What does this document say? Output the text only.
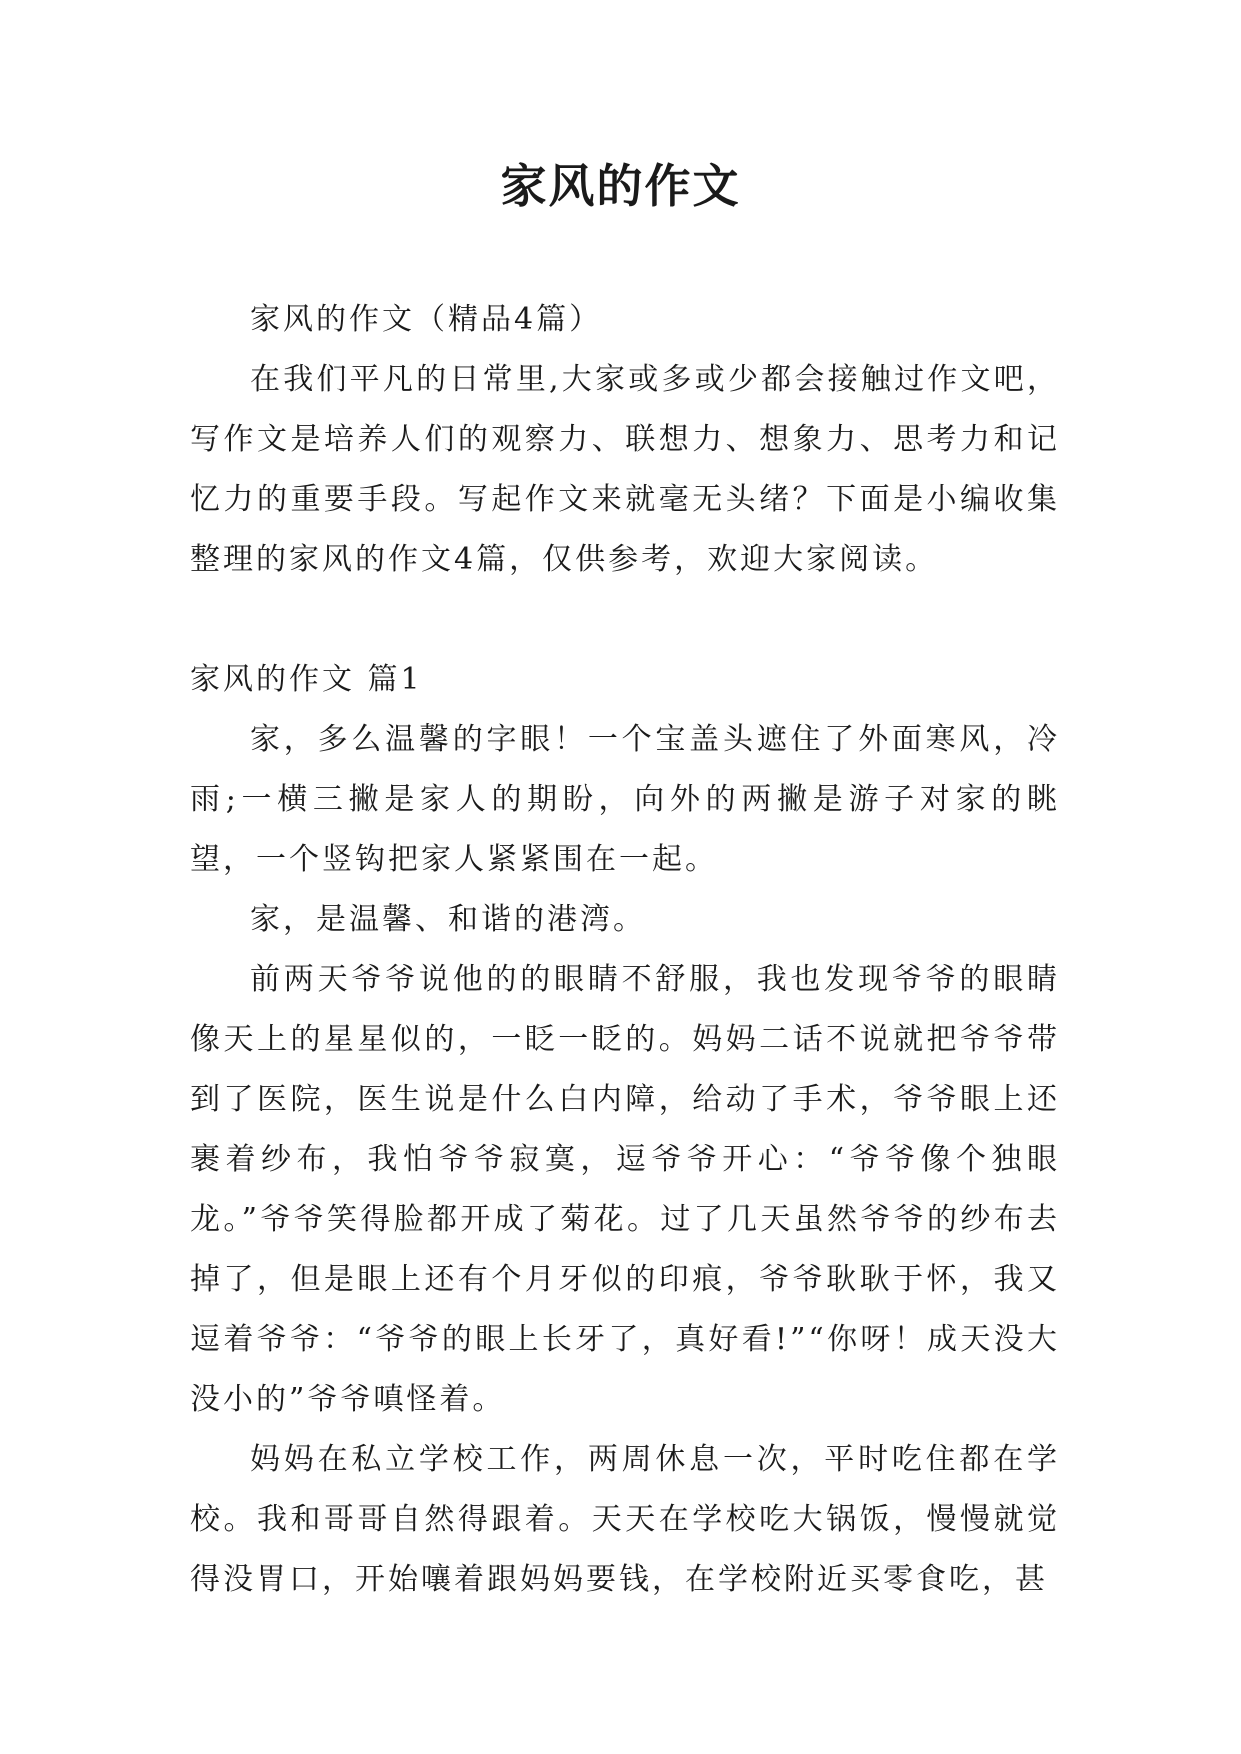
家风的作文

家风的作文（精品4篇）

在我们平凡的日常里,大家或多或少都会接触过作文吧，写作文是培养人们的观察力、联想力、想象力、思考力和记忆力的重要手段。写起作文来就毫无头绪？下面是小编收集整理的家风的作文4篇，仅供参考，欢迎大家阅读。

家风的作文 篇1

家，多么温馨的字眼！一个宝盖头遮住了外面寒风，冷雨;一横三撇是家人的期盼，向外的两撇是游子对家的眺望，一个竖钩把家人紧紧围在一起。

家，是温馨、和谐的港湾。

前两天爷爷说他的的眼睛不舒服，我也发现爷爷的眼睛像天上的星星似的，一眨一眨的。妈妈二话不说就把爷爷带到了医院，医生说是什么白内障，给动了手术，爷爷眼上还裹着纱布，我怕爷爷寂寞，逗爷爷开心：“爷爷像个独眼龙。”爷爷笑得脸都开成了菊花。过了几天虽然爷爷的纱布去掉了，但是眼上还有个月牙似的印痕，爷爷耿耿于怀，我又逗着爷爷：“爷爷的眼上长牙了，真好看!”“你呀！成天没大没小的”爷爷嗔怪着。

妈妈在私立学校工作，两周休息一次，平时吃住都在学校。我和哥哥自然得跟着。天天在学校吃大锅饭，慢慢就觉得没胃口，开始嚷着跟妈妈要钱，在学校附近买零食吃，甚
